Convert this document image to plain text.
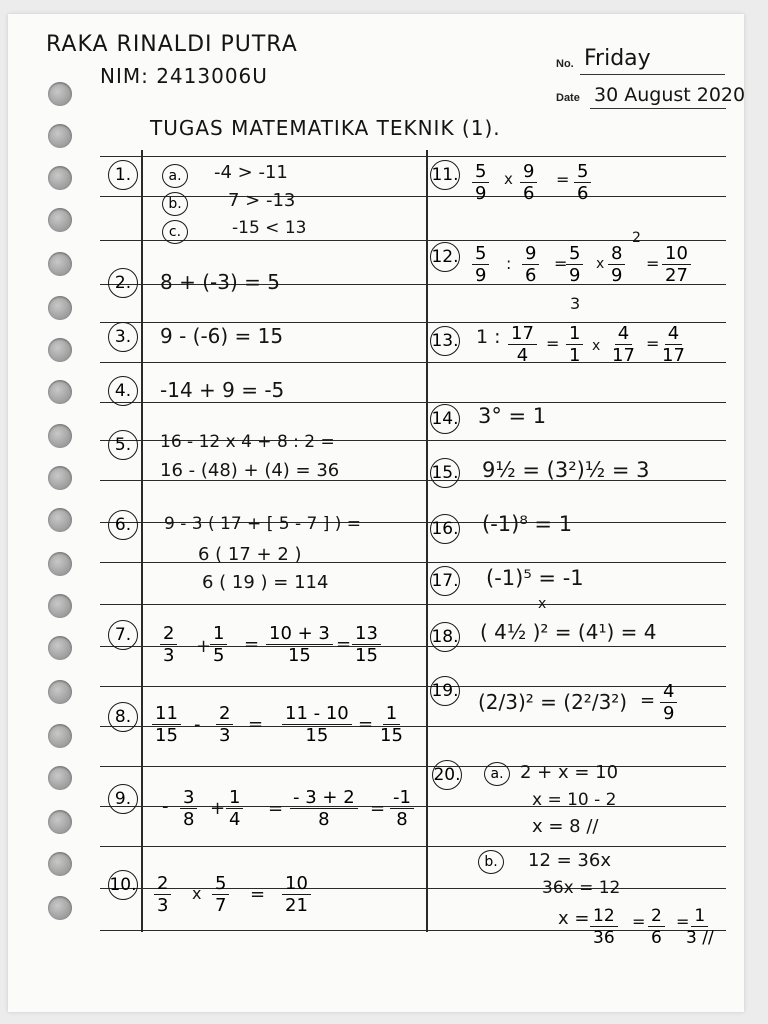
RAKA RINALDI PUTRA
NIM: 2413006U	No. Friday
Date 30 August 2020
TUGAS MATEMATIKA TEKNIK (1).
1.	a.	-4 > -11
b.	7 > -13
c.	-15 < 13
2.	8 + (-3) = 5
3.	9 - (-6) = 15
4.	-14 + 9 = -5
5.	16 - 12 x 4 + 8 : 2 =
16 - (48) + (4) = 36
6.	9 - 3 ( 17 + [ 5 - 7 ] ) =
6 ( 17 + 2 )
6 ( 19 ) = 114
7.	2
3 +
1
5
=
10 + 3
15
=
13
15
8.	11
15
-
2
3
=
11 - 10
15
=
1
15
9.	- 3
8
+
1
4
=
- 3 + 2
8
=
-1
8
10. 2
3
x 5
7
=
10
21
11. 5
9
x 9
6
= 5
6
12. 5
9
: 9
6
= 5
9
3
x
2
8
9
= 10
27
13. 1 : 17
4
= 1
1 x
4
17
= 4
17
14. 3° = 1
15. 9½ = (3²)½ = 3
16. (-1)⁸ = 1
17. (-1)⁵ = -1
18.
x
( 4½ )² = (4¹) = 4
19. (2/3)² = (2²/3²) = 4
9
20.	a. 2 + x = 10
x = 10 - 2
x = 8 //
b.	12 = 36x
36x = 12
x = 12
36
= 2
6
= 1
3 //
